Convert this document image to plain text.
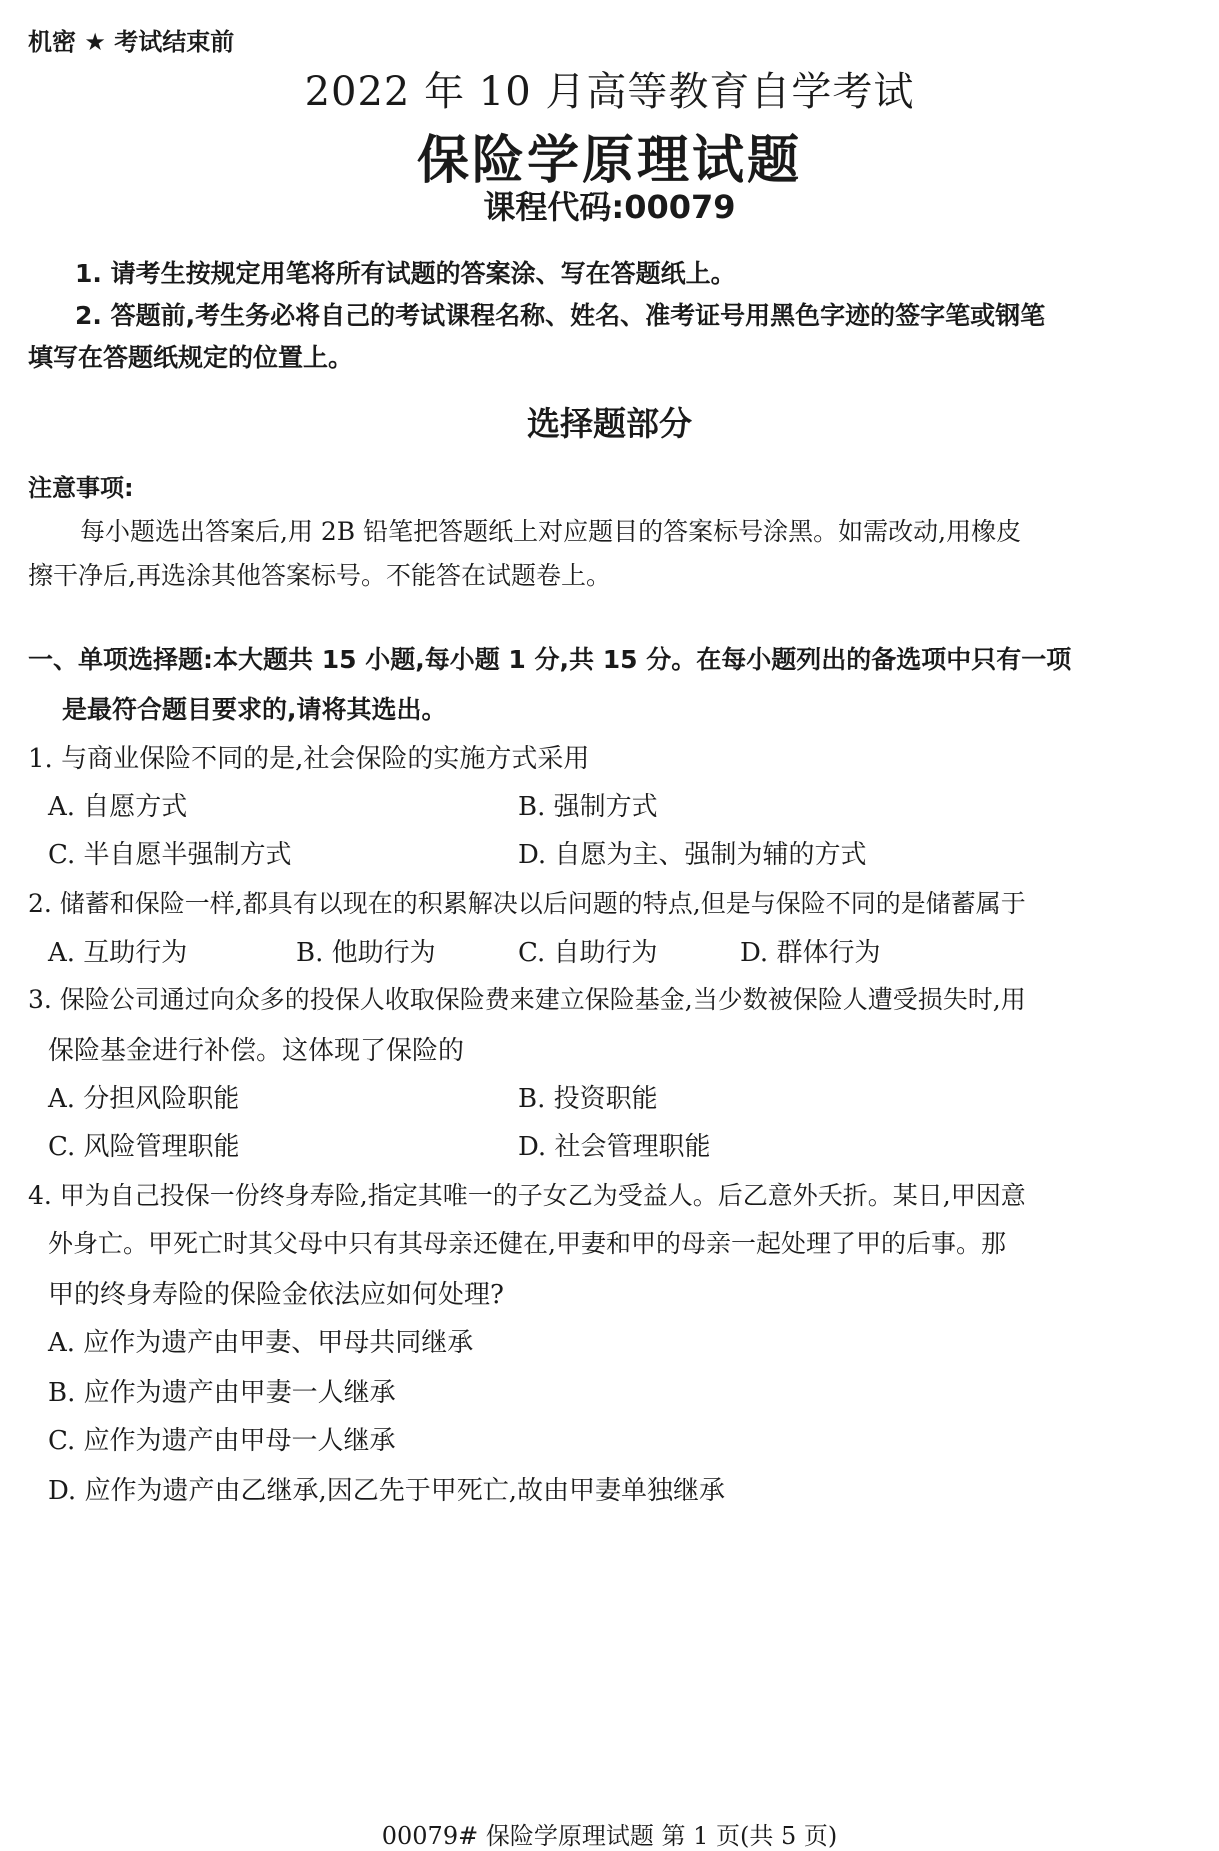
机密 ★ 考试结束前
2022 年 10 月高等教育自学考试
保险学原理试题
课程代码:00079
1. 请考生按规定用笔将所有试题的答案涂、写在答题纸上。
2. 答题前,考生务必将自己的考试课程名称、姓名、准考证号用黑色字迹的签字笔或钢笔
填写在答题纸规定的位置上。
选择题部分
注意事项:
每小题选出答案后,用 2B 铅笔把答题纸上对应题目的答案标号涂黑。如需改动,用橡皮
擦干净后,再选涂其他答案标号。不能答在试题卷上。
一、单项选择题:本大题共 15 小题,每小题 1 分,共 15 分。在每小题列出的备选项中只有一项
是最符合题目要求的,请将其选出。
1. 与商业保险不同的是,社会保险的实施方式采用
A. 自愿方式	B. 强制方式
C. 半自愿半强制方式	D. 自愿为主、强制为辅的方式
2. 储蓄和保险一样,都具有以现在的积累解决以后问题的特点,但是与保险不同的是储蓄属于
A. 互助行为	B. 他助行为	C. 自助行为	D. 群体行为
3. 保险公司通过向众多的投保人收取保险费来建立保险基金,当少数被保险人遭受损失时,用
保险基金进行补偿。这体现了保险的
A. 分担风险职能	B. 投资职能
C. 风险管理职能	D. 社会管理职能
4. 甲为自己投保一份终身寿险,指定其唯一的子女乙为受益人。后乙意外夭折。某日,甲因意
外身亡。甲死亡时其父母中只有其母亲还健在,甲妻和甲的母亲一起处理了甲的后事。那
甲的终身寿险的保险金依法应如何处理?
A. 应作为遗产由甲妻、甲母共同继承
B. 应作为遗产由甲妻一人继承
C. 应作为遗产由甲母一人继承
D. 应作为遗产由乙继承,因乙先于甲死亡,故由甲妻单独继承
00079# 保险学原理试题 第 1 页(共 5 页)
